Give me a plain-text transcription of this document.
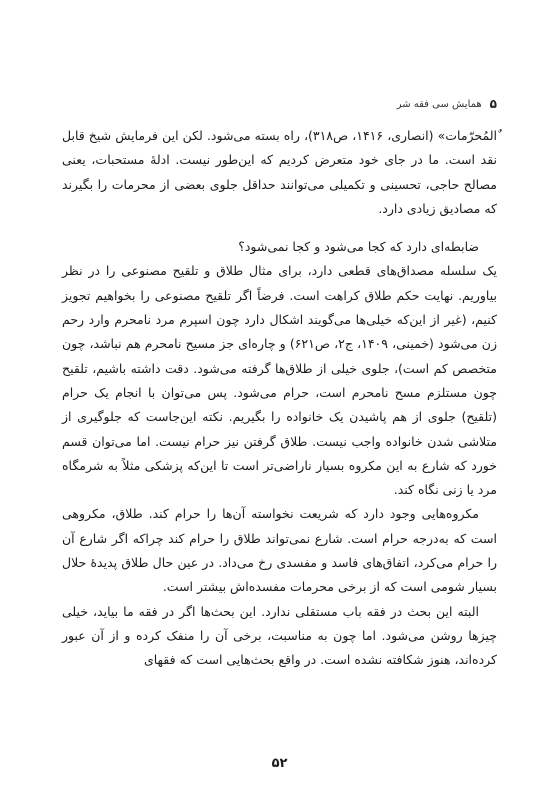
۵
همایش سی فقه شر

ٌالمُحرّمات» (انصاری، ۱۴۱۶، ص۳۱۸)، راه بسته می‌شود. لکن این فرمایش شیخ قابل نقد است. ما در جای خود متعرض کردیم که این‌طور نیست. ادلهٔ مستحبات، یعنی مصالح حاجی، تحسینی و تکمیلی می‌توانند حداقل جلوی بعضی از محرمات را بگیرند که مصادیق زیادی دارد.

ضابطه‌ای دارد که کجا می‌شود و کجا نمی‌شود؟

یک سلسله مصداق‌های قطعی دارد، برای مثال طلاق و تلقیح مصنوعی را در نظر بیاوریم. نهایت حکم طلاق کراهت است. فرضاً اگر تلقیح مصنوعی را بخواهیم تجویز کنیم، (غیر از این‌که خیلی‌ها می‌گویند اشکال دارد چون اسپرم مرد نامحرم وارد رحم زن می‌شود (خمینی، ۱۴۰۹، ج۲، ص۶۲۱) و چاره‌ای جز مسیح نامحرم هم نباشد، چون متخصص کم است)، جلوی خیلی از طلاق‌ها گرفته می‌شود. دقت داشته باشیم، تلقیح چون مستلزم مسح نامحرم است، حرام می‌شود. پس می‌توان با انجام یک حرام (تلقیح) جلوی از هم پاشیدن یک خانواده را بگیریم. نکته این‌جاست که جلوگیری از متلاشی شدن خانواده واجب نیست. طلاق گرفتن نیز حرام نیست. اما می‌توان قسم خورد که شارع به این مکروه بسیار ناراضی‌تر است تا این‌که پزشکی مثلاً به شرمگاه مرد یا زنی نگاه کند.

مکروه‌هایی وجود دارد که شریعت نخواسته آن‌ها را حرام کند. طلاق، مکروهی است که به‌درجه حرام است. شارع نمی‌تواند طلاق را حرام کند چراکه اگر شارع آن را حرام می‌کرد، اتفاق‌های فاسد و مفسدی رخ می‌داد. در عین حال طلاق پدیدهٔ حلال بسیار شومی است که از برخی محرمات مفسده‌اش بیشتر است.

البته این بحث در فقه باب مستقلی ندارد. این بحث‌ها اگر در فقه ما بیاید، خیلی چیزها روشن می‌شود. اما چون به مناسبت، برخی آن را منفک کرده و از آن عبور کرده‌اند، هنوز شکافته نشده است. در واقع بحث‌هایی است که فقهای

۵۲
